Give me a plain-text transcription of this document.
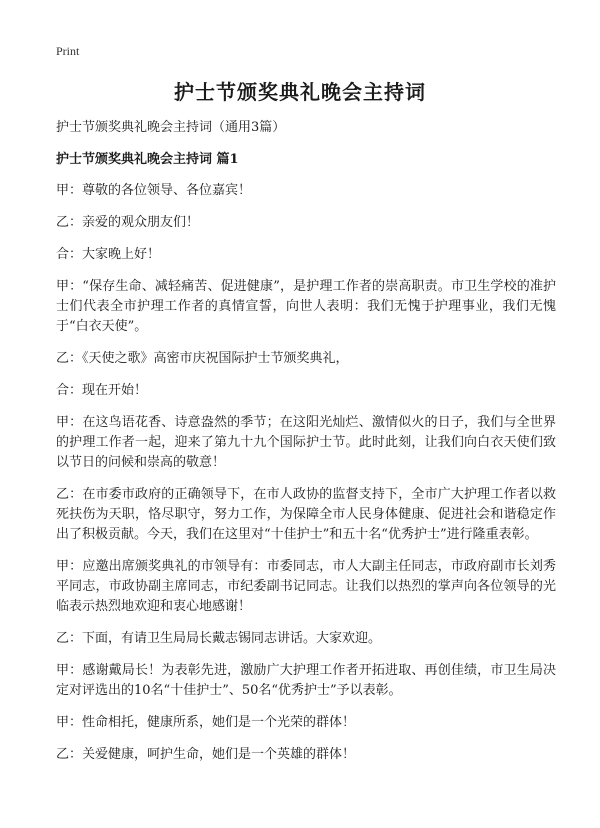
Print
护士节颁奖典礼晚会主持词

护士节颁奖典礼晚会主持词（通用3篇）

护士节颁奖典礼晚会主持词 篇1

甲：尊敬的各位领导、各位嘉宾！

乙：亲爱的观众朋友们！

合：大家晚上好！

甲：“保存生命、减轻痛苦、促进健康”，是护理工作者的崇高职责。市卫生学校的准护士们代表全市护理工作者的真情宣誓，向世人表明：我们无愧于护理事业，我们无愧于“白衣天使”。

乙：《天使之歌》高密市庆祝国际护士节颁奖典礼，

合：现在开始！

甲：在这鸟语花香、诗意盎然的季节；在这阳光灿烂、激情似火的日子，我们与全世界的护理工作者一起，迎来了第九十九个国际护士节。此时此刻，让我们向白衣天使们致以节日的问候和崇高的敬意！

乙：在市委市政府的正确领导下，在市人政协的监督支持下，全市广大护理工作者以救死扶伤为天职，恪尽职守，努力工作，为保障全市人民身体健康、促进社会和谐稳定作出了积极贡献。今天，我们在这里对“十佳护士”和五十名“优秀护士”进行隆重表彰。

甲：应邀出席颁奖典礼的市领导有：市委同志，市人大副主任同志，市政府副市长刘秀平同志，市政协副主席同志，市纪委副书记同志。让我们以热烈的掌声向各位领导的光临表示热烈地欢迎和衷心地感谢！

乙：下面，有请卫生局局长戴志锡同志讲话。大家欢迎。

甲：感谢戴局长！为表彰先进，激励广大护理工作者开拓进取、再创佳绩，市卫生局决定对评选出的10名“十佳护士”、50名“优秀护士”予以表彰。

甲：性命相托，健康所系，她们是一个光荣的群体！

乙：关爱健康，呵护生命，她们是一个英雄的群体！
